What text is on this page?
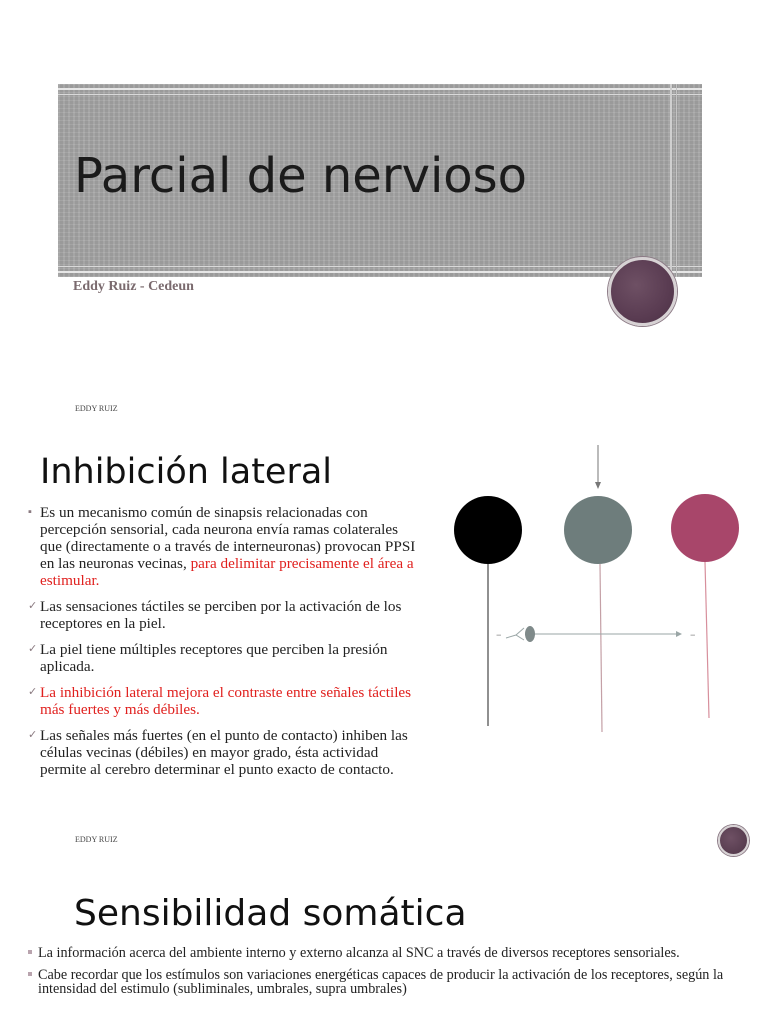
Parcial de nervioso
Eddy Ruiz - Cedeun
EDDY RUIZ
Inhibición lateral
▪ Es un mecanismo común de sinapsis relacionadas con percepción sensorial, cada neurona envía ramas colaterales que (directamente o a través de interneuronas) provocan PPSI en las neuronas vecinas, para delimitar precisamente el área a estimular.
✓ Las sensaciones táctiles se perciben por la activación de los receptores en la piel.
✓ La piel tiene múltiples receptores que perciben la presión aplicada.
✓ La inhibición lateral mejora el contraste entre señales táctiles más fuertes y más débiles.
✓ Las señales más fuertes (en el punto de contacto) inhiben las células vecinas (débiles) en mayor grado, ésta actividad permite al cerebro determinar el punto exacto de contacto.
–	–
EDDY RUIZ
Sensibilidad somática
La información acerca del ambiente interno y externo alcanza al SNC a través de diversos receptores sensoriales.
Cabe recordar que los estímulos son variaciones energéticas capaces de producir la activación de los receptores, según la intensidad del estimulo (subliminales, umbrales, supra umbrales)
